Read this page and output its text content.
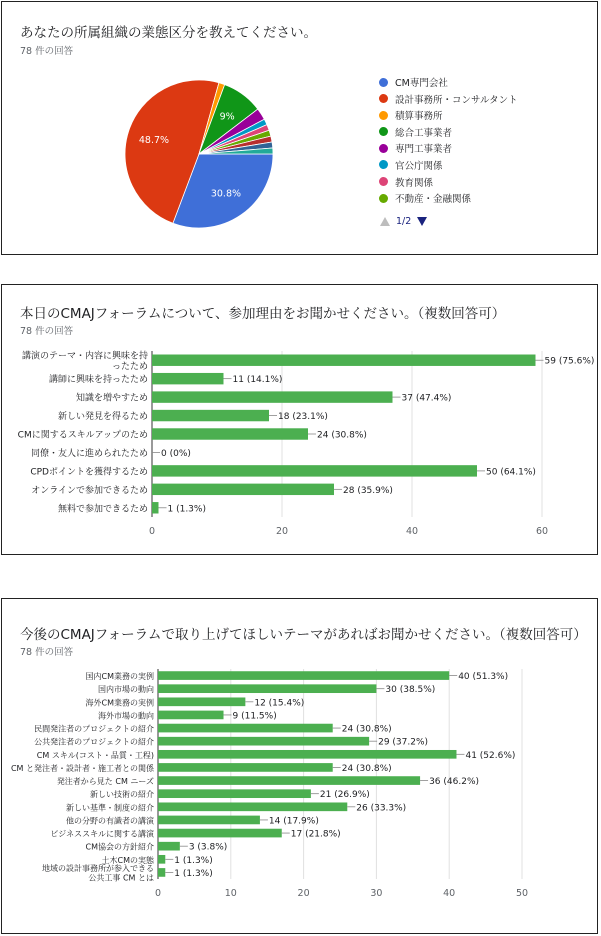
あなたの所属組織の業態区分を教えてください。
78 件の回答
30.8%
48.7%
9%
CM専門会社
設計事務所・コンサルタント
積算事務所
総合工事業者
専門工事業者
官公庁関係
教育関係
不動産・金融関係
1/2
本日のCMAJフォーラムについて、参加理由をお聞かせください。（複数回答可）
78 件の回答
0	20	40	60
59 (75.6%)
講演のテーマ・内容に興味を持
ったため
11 (14.1%)
講師に興味を持ったため
37 (47.4%)
知識を増やすため
18 (23.1%)
新しい発見を得るため
24 (30.8%)
CMに関するスキルアップのため
0 (0%)
同僚・友人に進められたため
50 (64.1%)
CPDポイントを獲得するため
28 (35.9%)
オンラインで参加できるため
1 (1.3%)
無料で参加できるため
今後のCMAJフォーラムで取り上げてほしいテーマがあればお聞かせください。（複数回答可）
78 件の回答
0	10	20	30	40	50
40 (51.3%)
国内CM業務の実例
30 (38.5%)
国内市場の動向
12 (15.4%)
海外CM業務の実例
9 (11.5%)
海外市場の動向
24 (30.8%)
民間発注者のプロジェクトの紹介
29 (37.2%)
公共発注者のプロジェクトの紹介
41 (52.6%)
CM スキル(コスト・品質・工程)
24 (30.8%)
CM と発注者・設計者・施工者との関係
36 (46.2%)
発注者から見た CM ニーズ
21 (26.9%)
新しい技術の紹介
26 (33.3%)
新しい基準・制度の紹介
14 (17.9%)
他の分野の有識者の講演
17 (21.8%)
ビジネススキルに関する講演
3 (3.8%)
CM協会の方針紹介
1 (1.3%)
土木CMの実態
1 (1.3%)
地域の設計事務所が参入できる
公共工事 CM とは
